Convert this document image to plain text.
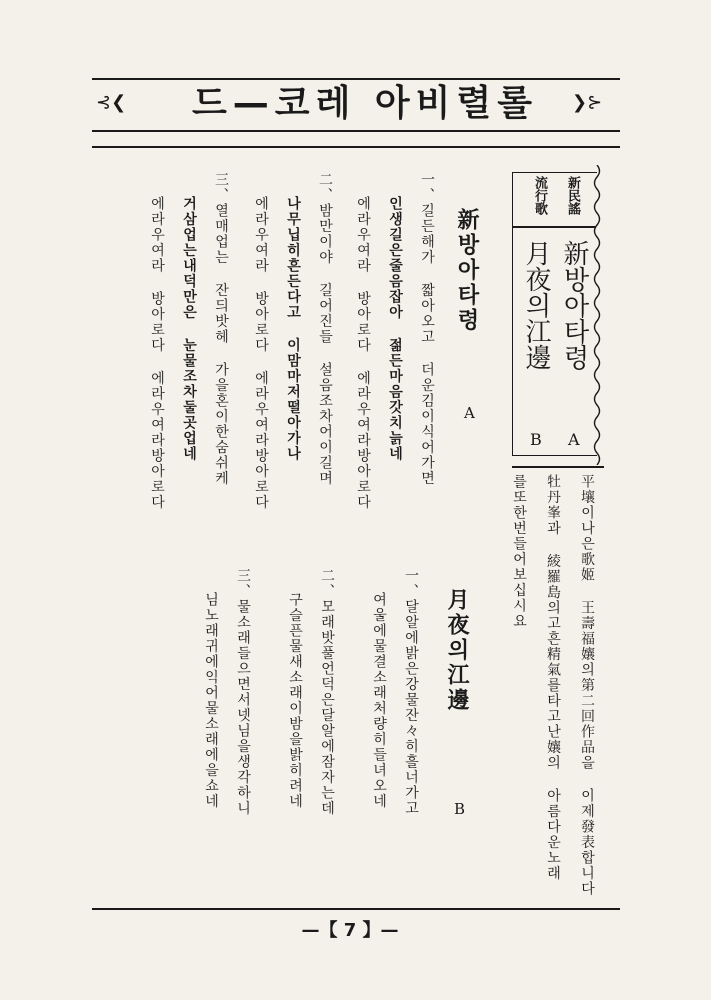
⊰❮	❯⊱
드—코레 아비렬롤
新民謠
流行歌
新방아타령
A
月夜의江邊
B
新방아타령
A
一、길든해가 짧아오고 더운김이식어가면
인생길은줄음잡아 젊든마음갓치늙네
에라우여라 방아로다 에라우여라방아로다
二、밤만이야 길어진들 설음조차어이길며
나무닙히흔든다고 이맘마저떨아가나
에라우여라 방아로다 에라우여라방아로다
三、열매업는 잔듸밧헤 가을혼이한숨쉬케
거삼업는내덕만은 눈물조차둘곳업네
에라우여라 방아로다 에라우여라방아로다
平壤이나은歌姬 王壽福孃의第二回作品을 이제發表합니다
牡丹峯과 綾羅島의고흔精氣를타고난孃의 아름다운노래
를또한번들어보십시요
月夜의江邊
B
一、달알에밝은강물잔々히흘너가고
여울에물결소래처량히들녀오네
二、모래밧풀언덕은달알에잠자는데
구슬픈물새소래이밤을밝히려네
三、물소래들으면서넷님을생각하니
님노래귀에익어물소래에을쇼네
—【 7 】—
